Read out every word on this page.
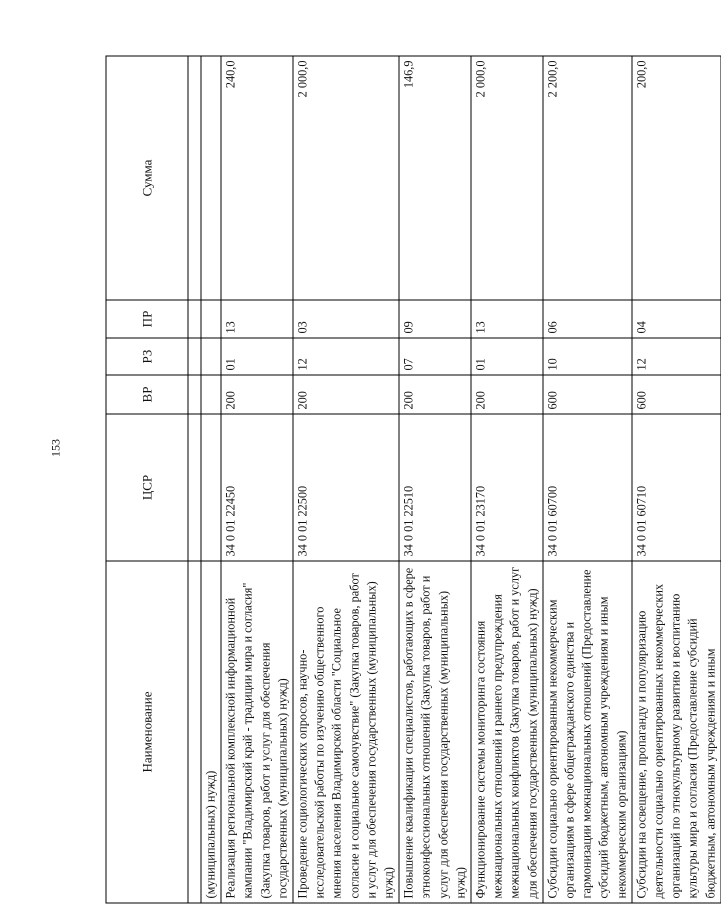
153
Наименование	ЦСР	ВР	РЗ	ПР	Сумма

(муниципальных) нужд)					
Реализация региональной комплексной информационной кампании "Владимирский край - традиции мира и согласия" (Закупка товаров, работ и услуг для обеспечения государственных (муниципальных) нужд)	34 0 01 22450	200	01	13	240,0
Проведение социологических опросов, научно-исследовательской работы по изучению общественного мнения населения Владимирской области "Социальное согласие и социальное самочувствие" (Закупка товаров, работ и услуг для обеспечения государственных (муниципальных) нужд)	34 0 01 22500	200	12	03	2 000,0
Повышение квалификации специалистов, работающих в сфере этноконфессиональных отношений (Закупка товаров, работ и услуг для обеспечения государственных (муниципальных) нужд)	34 0 01 22510	200	07	09	146,9
Функционирование системы мониторинга состояния межнациональных отношений и раннего предупреждения межнациональных конфликтов (Закупка товаров, работ и услуг для обеспечения государственных (муниципальных) нужд)	34 0 01 23170	200	01	13	2 000,0
Субсидии социально ориентированным некоммерческим организациям в сфере общегражданского единства и гармонизации межнациональных отношений (Предоставление субсидий бюджетным, автономным учреждениям и иным некоммерческим организациям)	34 0 01 60700	600	10	06	2 200,0
Субсидии на освещение, пропаганду и популяризацию деятельности социально ориентированных некоммерческих организаций по этнокультурному развитию и воспитанию культуры мира и согласия (Предоставление субсидий бюджетным, автономным учреждениям и иным	34 0 01 60710	600	12	04	200,0
